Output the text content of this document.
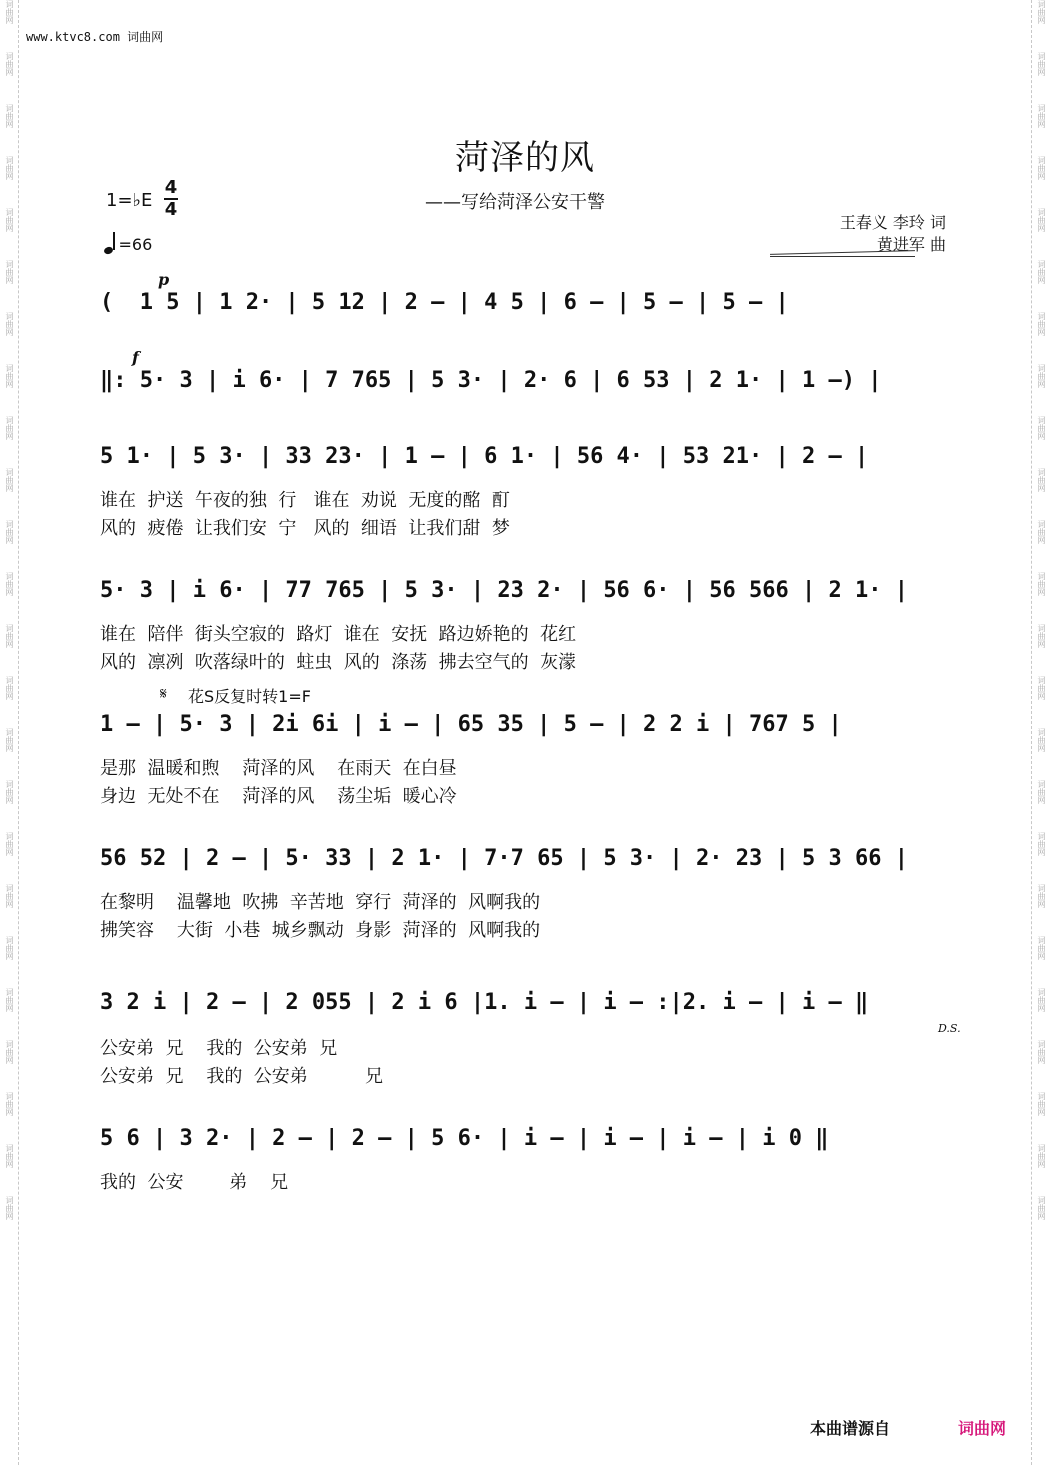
词曲网
词曲网
词曲网
词曲网
词曲网
词曲网
词曲网
词曲网
词曲网
词曲网
词曲网
词曲网
词曲网
词曲网
词曲网
词曲网
词曲网
词曲网
词曲网
词曲网
词曲网
词曲网
词曲网
词曲网
词曲网
词曲网
词曲网
词曲网
词曲网
词曲网
词曲网
词曲网
词曲网
词曲网
词曲网
词曲网
词曲网
词曲网
词曲网
词曲网
词曲网
词曲网
词曲网
词曲网
词曲网
词曲网
词曲网
词曲网
www.ktvc8.com 词曲网
菏泽的风
——写给菏泽公安干警
1=♭E
4
4
=66
王春义 李玲 词
黄进军 曲
p
(  1 5 | 1 2· | 5 12 | 2 – | 4 5 | 6 – | 5 – | 5 – |
f
‖: 5· 3 | i 6· | 7 765 | 5 3· | 2· 6 | 6 53 | 2 1· | 1 –) |
5 1· | 5 3· | 33 23· | 1 – | 6 1· | 56 4· | 53 21· | 2 – |
谁在  护送  午夜的独  行   谁在  劝说  无度的酩  酊
风的  疲倦  让我们安  宁   风的  细语  让我们甜  梦
5· 3 | i 6· | 77 765 | 5 3· | 23 2· | 56 6· | 56 566 | 2 1· |
谁在  陪伴  街头空寂的  路灯  谁在  安抚  路边娇艳的  花红
风的  凛冽  吹落绿叶的  蛀虫  风的  涤荡  拂去空气的  灰濛
𝄋 花S反复时转1=F
1 – | 5· 3 | 2i 6i | i – | 65 35 | 5 – | 2 2 i | 767 5 |
是那  温暖和煦    菏泽的风    在雨天  在白昼
身边  无处不在    菏泽的风    荡尘垢  暖心冷
56 52 | 2 – | 5· 33 | 2 1· | 7·7 65 | 5 3· | 2· 23 | 5 3 66 |
在黎明    温馨地  吹拂  辛苦地  穿行  菏泽的  风啊我的
拂笑容    大街  小巷  城乡飘动  身影  菏泽的  风啊我的
3 2 i | 2 – | 2 055 | 2 i 6 |1. i – | i – :|2. i – | i – ‖
D.S.
公安弟  兄    我的  公安弟  兄
公安弟  兄    我的  公安弟          兄
5 6 | 3 2· | 2 – | 2 – | 5 6· | i – | i – | i – | i 0 ‖
我的  公安        弟    兄
本曲谱源自	词曲网
